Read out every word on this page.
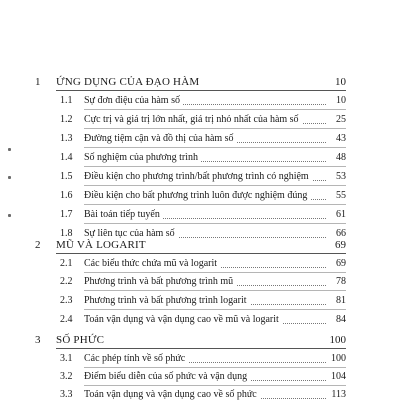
1 ỨNG DỤNG CỦA ĐẠO HÀM	10
1.1 Sự đơn điệu của hàm số	10
1.2 Cực trị và giá trị lớn nhất, giá trị nhỏ nhất của hàm số	25
1.3 Đường tiệm cận và đồ thị của hàm số	43
1.4 Số nghiệm của phương trình	48
1.5 Điều kiện cho phương trình/bất phương trình có nghiệm	53
1.6 Điều kiện cho bất phương trình luôn được nghiệm đúng	55
1.7 Bài toán tiếp tuyến	61
1.8 Sự liên tục của hàm số	66
2 MŨ VÀ LOGARIT	69
2.1 Các biểu thức chứa mũ và logarit	69
2.2 Phương trình và bất phương trình mũ	78
2.3 Phương trình và bất phương trình logarit	81
2.4 Toán vận dụng và vận dụng cao về mũ và logarit	84
3 SỐ PHỨC	100
3.1 Các phép tính về số phức	100
3.2 Điểm biểu diễn của số phức và vận dụng	104
3.3 Toán vận dụng và vận dụng cao về số phức	113
